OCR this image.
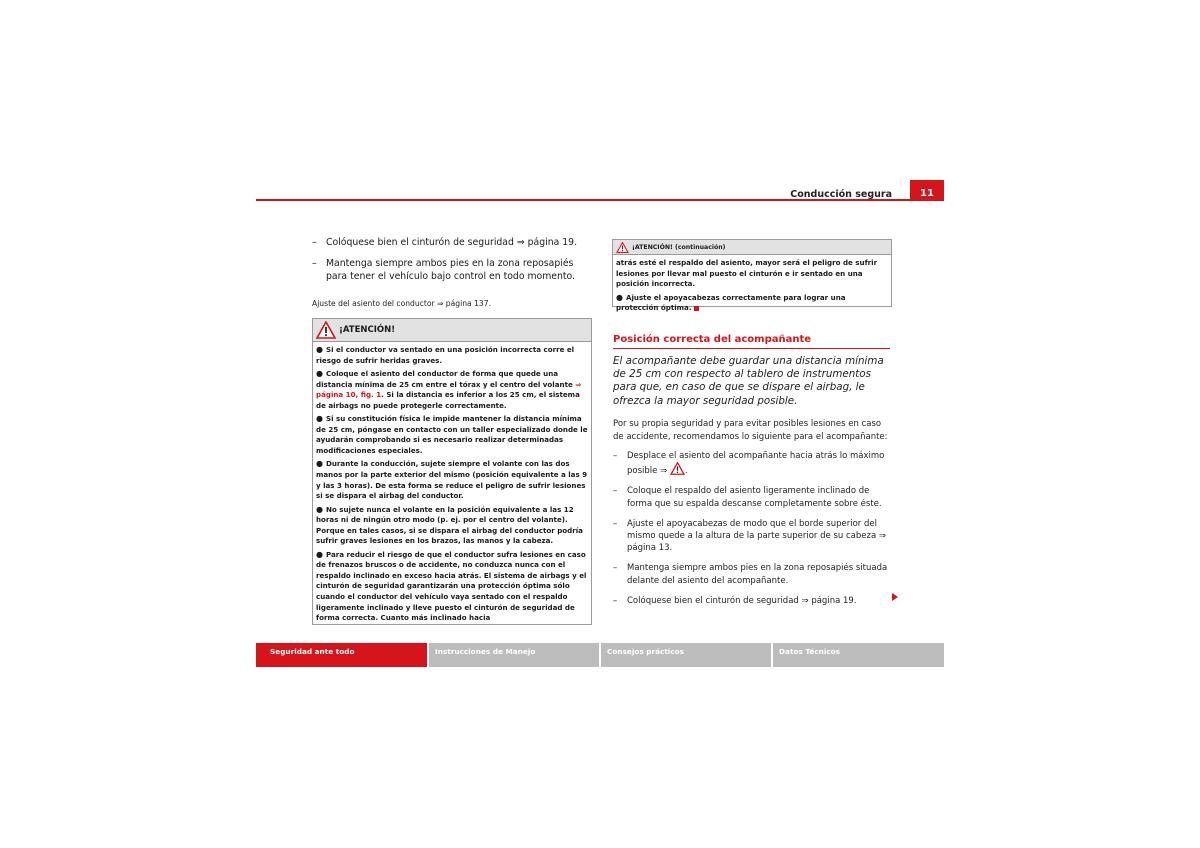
Conducción segura	11
– Colóquese bien el cinturón de seguridad ⇒ página 19.
– Mantenga siempre ambos pies en la zona reposapiés para tener el vehículo bajo control en todo momento.
Ajuste del asiento del conductor ⇒ página 137.
¡ATENCIÓN!

● Si el conductor va sentado en una posición incorrecta corre el riesgo de sufrir heridas graves.

● Coloque el asiento del conductor de forma que quede una distancia mínima de 25 cm entre el tórax y el centro del volante ⇒ página 10, fig. 1. Si la distancia es inferior a los 25 cm, el sistema de airbags no puede protegerle correctamente.

● Si su constitución física le impide mantener la distancia mínima de 25 cm, póngase en contacto con un taller especializado donde le ayudarán comprobando si es necesario realizar determinadas modificaciones especiales.

● Durante la conducción, sujete siempre el volante con las dos manos por la parte exterior del mismo (posición equivalente a las 9 y las 3 horas). De esta forma se reduce el peligro de sufrir lesiones si se dispara el airbag del conductor.

● No sujete nunca el volante en la posición equivalente a las 12 horas ni de ningún otro modo (p. ej. por el centro del volante). Porque en tales casos, si se dispara el airbag del conductor podría sufrir graves lesiones en los brazos, las manos y la cabeza.

● Para reducir el riesgo de que el conductor sufra lesiones en caso de frenazos bruscos o de accidente, no conduzca nunca con el respaldo inclinado en exceso hacia atrás. El sistema de airbags y el cinturón de seguridad garantizarán una protección óptima sólo cuando el conductor del vehículo vaya sentado con el respaldo ligeramente inclinado y lleve puesto el cinturón de seguridad de forma correcta. Cuanto más inclinado hacia

¡ATENCIÓN! (continuación)

atrás esté el respaldo del asiento, mayor será el peligro de sufrir lesiones por llevar mal puesto el cinturón e ir sentado en una posición incorrecta.

● Ajuste el apoyacabezas correctamente para lograr una protección óptima.

Posición correcta del acompañante
El acompañante debe guardar una distancia mínima de 25 cm con respecto al tablero de instrumentos para que, en caso de que se dispare el airbag, le ofrezca la mayor seguridad posible.
Por su propia seguridad y para evitar posibles lesiones en caso de accidente, recomendamos lo siguiente para el acompañante:
– Desplace el asiento del acompañante hacia atrás lo máximo posible ⇒ .
– Coloque el respaldo del asiento ligeramente inclinado de forma que su espalda descanse completamente sobre éste.
– Ajuste el apoyacabezas de modo que el borde superior del mismo quede a la altura de la parte superior de su cabeza ⇒ página 13.
– Mantenga siempre ambos pies en la zona reposapiés situada delante del asiento del acompañante.
– Colóquese bien el cinturón de seguridad ⇒ página 19.
Seguridad ante todo	Instrucciones de Manejo	Consejos prácticos	Datos Técnicos
